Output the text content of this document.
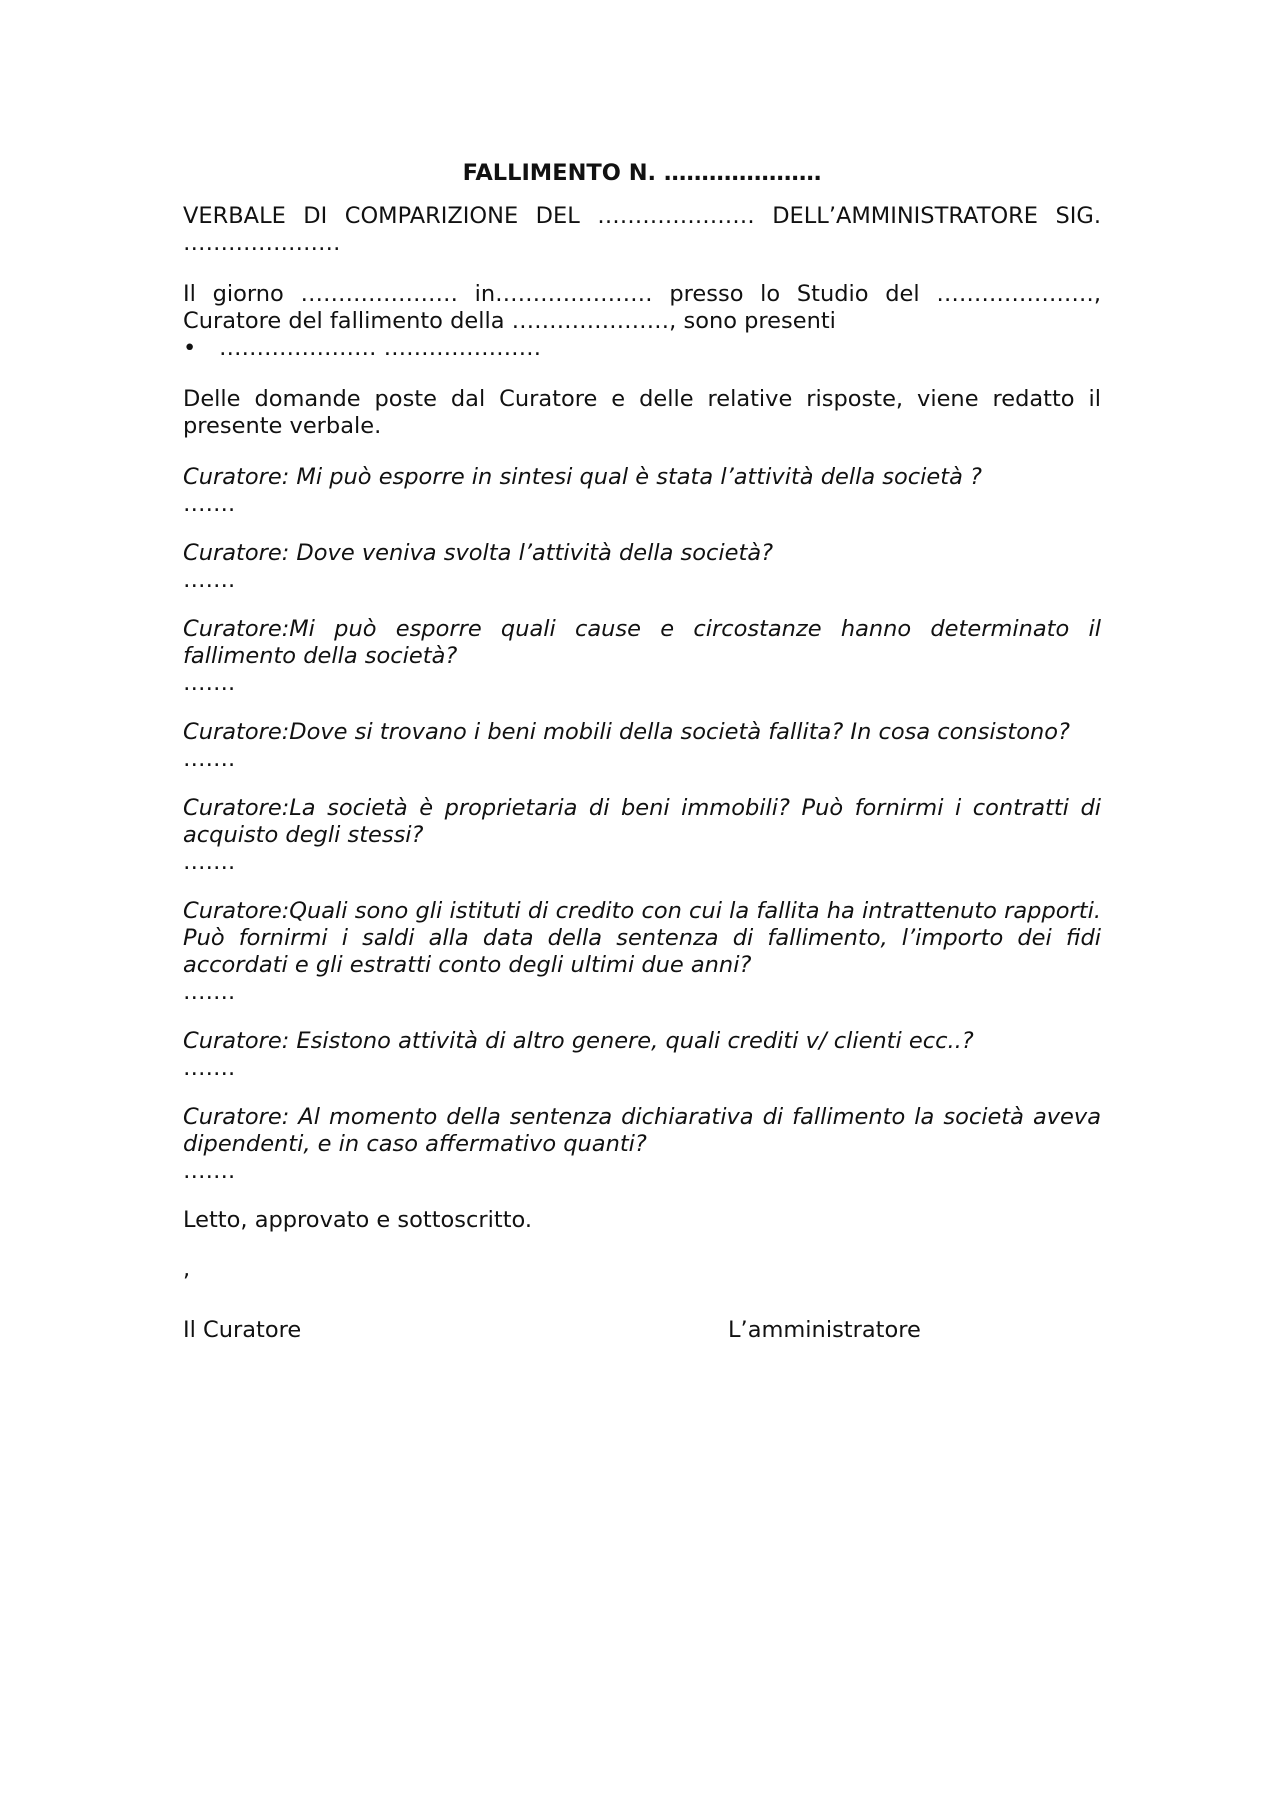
FALLIMENTO N. …………………

VERBALE DI COMPARIZIONE DEL ………………… DELL’AMMINISTRATORE SIG. …………………

Il giorno ………………… in………………… presso lo Studio del …………………, Curatore del fallimento della …………………, sono presenti

•	………………… …………………

Delle domande poste dal Curatore e delle relative risposte, viene redatto il presente verbale.

Curatore: Mi può esporre in sintesi qual è stata l’attività della società ?

…….

Curatore: Dove veniva svolta l’attività della società?

…….

Curatore:Mi può esporre quali cause e circostanze hanno determinato il fallimento della società?

…….

Curatore:Dove si trovano i beni mobili della società fallita? In cosa consistono?

…….

Curatore:La società è proprietaria di beni immobili? Può fornirmi i contratti di acquisto degli stessi?

…….

Curatore:Quali sono gli istituti di credito con cui la fallita ha intrattenuto rapporti. Può fornirmi i saldi alla data della sentenza di fallimento, l’importo dei fidi accordati e gli estratti conto degli ultimi due anni?

…….

Curatore: Esistono attività di altro genere, quali crediti v/ clienti ecc..?

…….

Curatore: Al momento della sentenza dichiarativa di fallimento la società aveva dipendenti, e in caso affermativo quanti?

…….

Letto, approvato e sottoscritto.

,

Il Curatore	L’amministratore
